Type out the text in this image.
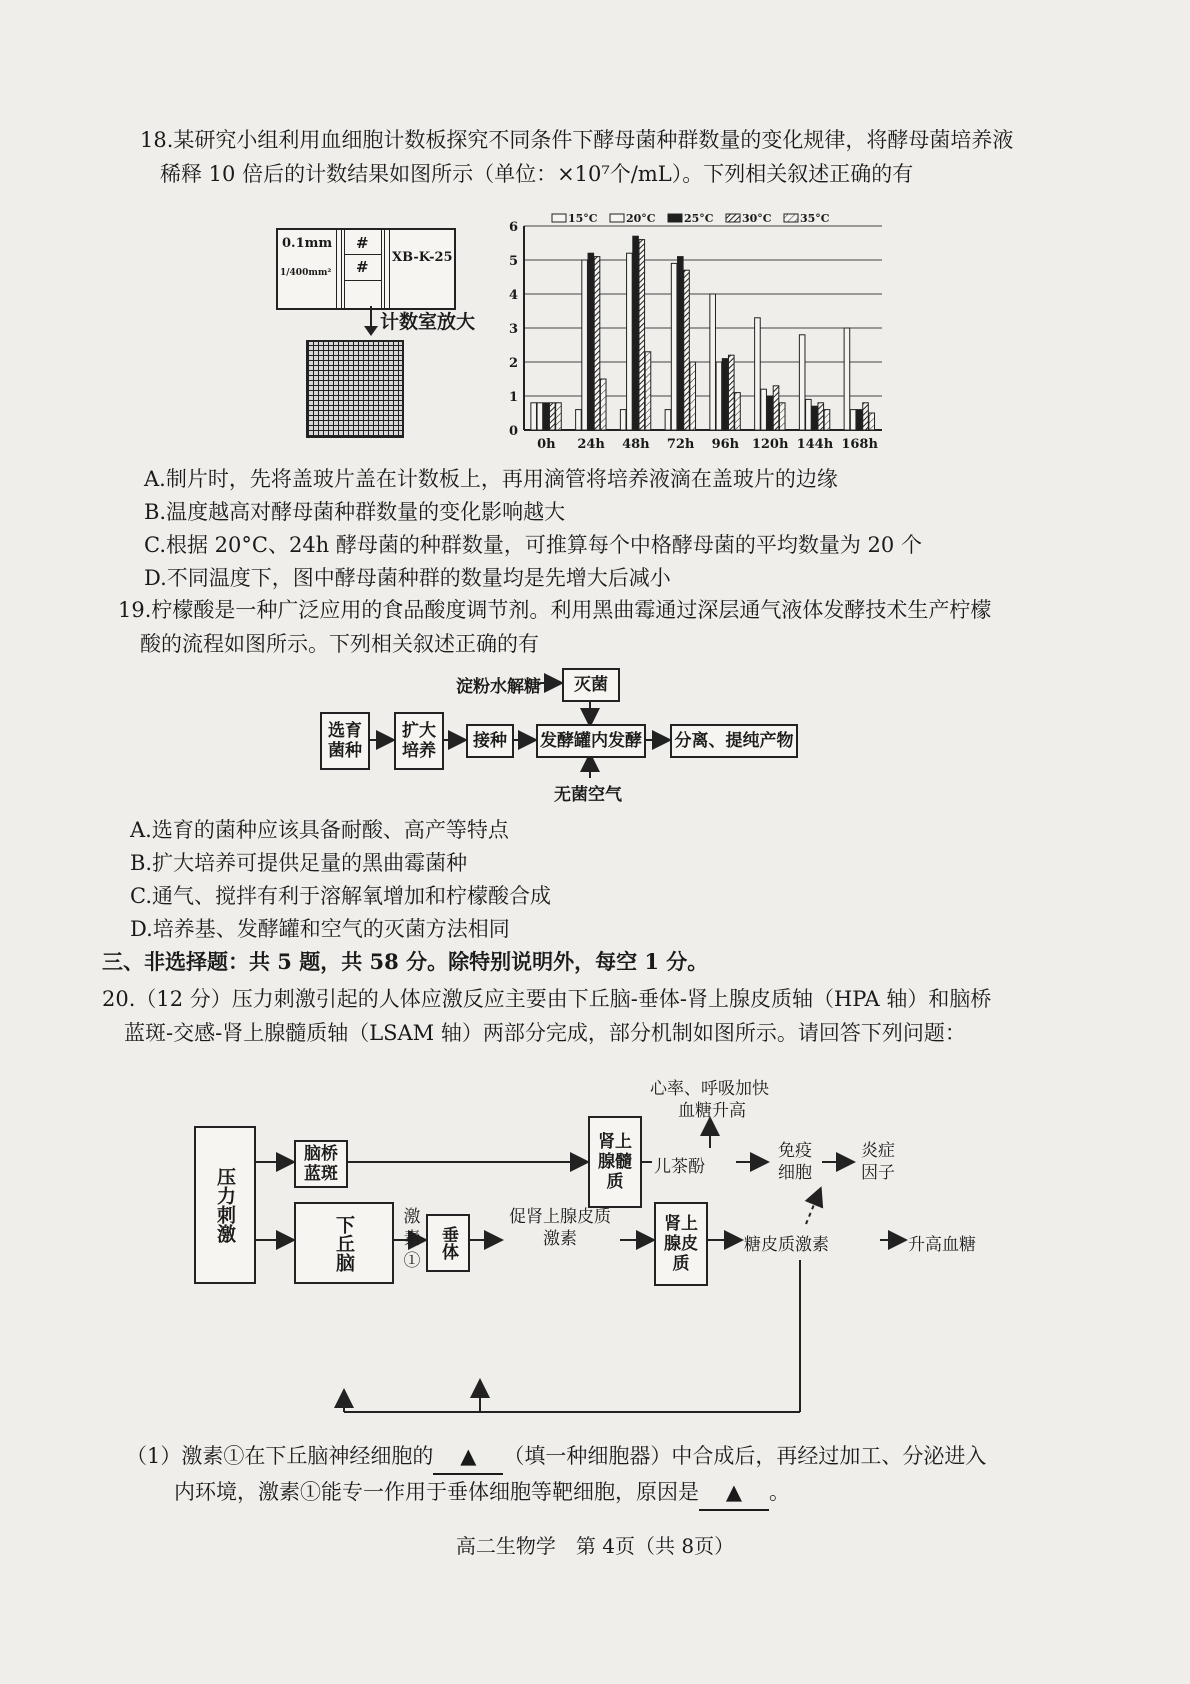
18.某研究小组利用血细胞计数板探究不同条件下酵母菌种群数量的变化规律，将酵母菌培养液
稀释 10 倍后的计数结果如图所示（单位：×10⁷个/mL）。下列相关叙述正确的有
0.1mm
1/400mm²
#
#
XB-K-25
计数室放大
0
1
2
3
4
5
6
0h 24h 48h 72h 96h 120h 144h 168h
15°C	20°C	25°C	30°C	35°C
A.制片时，先将盖玻片盖在计数板上，再用滴管将培养液滴在盖玻片的边缘
B.温度越高对酵母菌种群数量的变化影响越大
C.根据 20°C、24h 酵母菌的种群数量，可推算每个中格酵母菌的平均数量为 20 个
D.不同温度下，图中酵母菌种群的数量均是先增大后减小
19.柠檬酸是一种广泛应用的食品酸度调节剂。利用黑曲霉通过深层通气液体发酵技术生产柠檬
酸的流程如图所示。下列相关叙述正确的有
淀粉水解糖	灭菌
选育菌种
扩大培养	接种	发酵罐内发酵 分离、提纯产物
无菌空气
A.选育的菌种应该具备耐酸、高产等特点
B.扩大培养可提供足量的黑曲霉菌种
C.通气、搅拌有利于溶解氧增加和柠檬酸合成
D.培养基、发酵罐和空气的灭菌方法相同
三、非选择题：共 5 题，共 58 分。除特别说明外，每空 1 分。
20.（12 分）压力刺激引起的人体应激反应主要由下丘脑-垂体-肾上腺皮质轴（HPA 轴）和脑桥
蓝斑-交感-肾上腺髓质轴（LSAM 轴）两部分完成，部分机制如图所示。请回答下列问题：
压力刺激
脑桥蓝斑
肾上腺髓质
儿茶酚
心率、呼吸加快
血糖升高
免疫细胞
炎症因子
下丘脑	激素①
垂体
促肾上腺皮质激素
肾上腺皮质
糖皮质激素	升高血糖
（1）激素①在下丘脑神经细胞的 ▲ （填一种细胞器）中合成后，再经过加工、分泌进入
内环境，激素①能专一作用于垂体细胞等靶细胞，原因是 ▲ 。
高二生物学　第 4页（共 8页）
